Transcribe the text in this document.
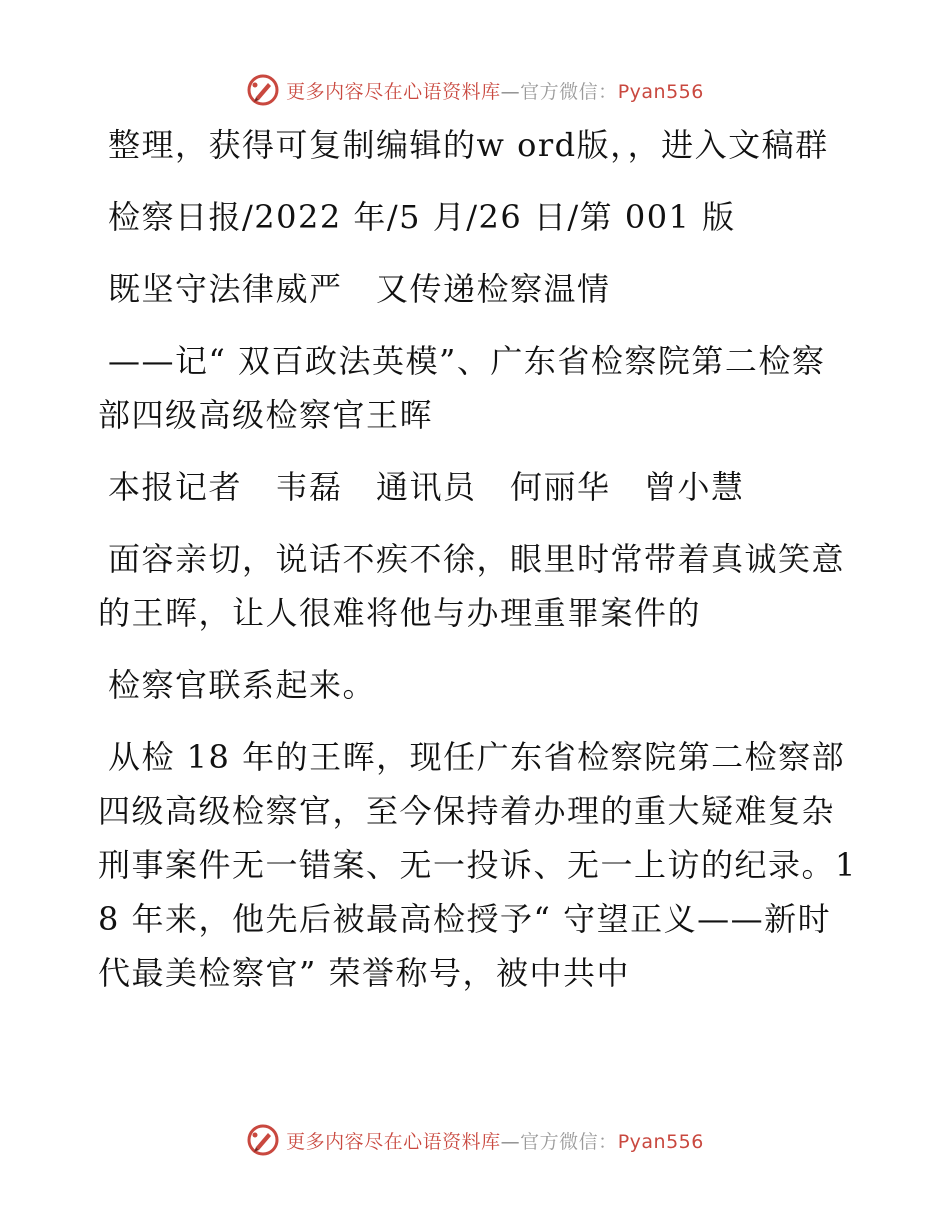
更多内容尽在心语资料库—官方微信：Pyan556

整理，获得可复制编辑的w ord版，，进入文稿群

检察日报/2022 年/5 月/26 日/第 001 版

既坚守法律威严　又传递检察温情

——记“ 双百政法英模”、广东省检察院第二检察部四级高级检察官王晖

本报记者　韦磊　通讯员　何丽华　曾小慧

面容亲切，说话不疾不徐，眼里时常带着真诚笑意的王晖，让人很难将他与办理重罪案件的

检察官联系起来。

从检 18 年的王晖，现任广东省检察院第二检察部四级高级检察官，至今保持着办理的重大疑难复杂刑事案件无一错案、无一投诉、无一上访的纪录。18 年来，他先后被最高检授予“ 守望正义——新时代最美检察官” 荣誉称号，被中共中

更多内容尽在心语资料库—官方微信：Pyan556
